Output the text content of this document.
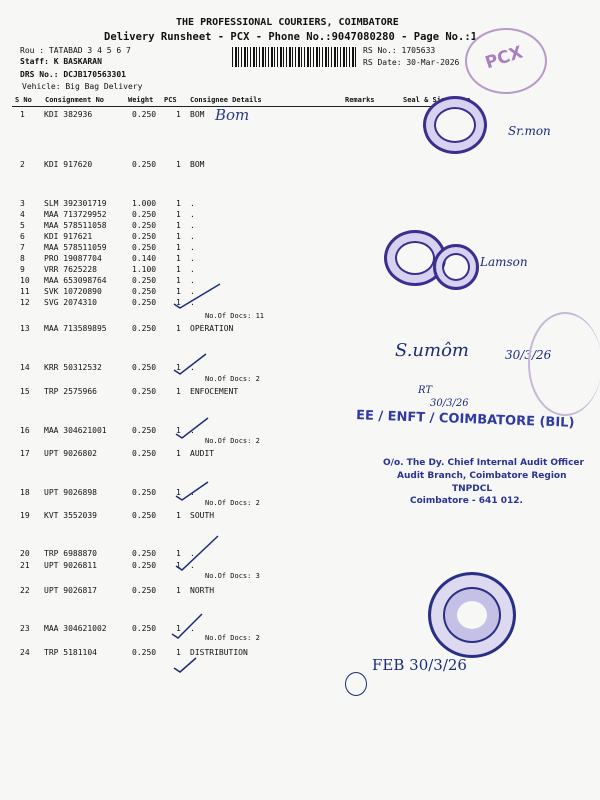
THE PROFESSIONAL COURIERS, COIMBATORE
Delivery Runsheet - PCX - Phone No.:9047080280 - Page No.:1
Rou : TATABAD 3 4 5 6 7
Staff: K BASKARAN
DRS No.: DCJB170563301
Vehicle: Big Bag Delivery
RS No.: 1705633
RS Date: 30-Mar-2026
S No Consignment No	Weight PCS Consignee Details	Remarks	Seal & Signature
1 KDI 382936	0.250 1 BOM
2 KDI 917620	0.250 1 BOM
3 SLM 392301719	1.000 1 .
4 MAA 713729952	0.250 1 .
5 MAA 578511058	0.250 1 .
6 KDI 917621	0.250 1 .
7 MAA 578511059	0.250 1 .
8 PRO 19087704	0.140 1 .
9 VRR 7625228	1.100 1 .
10 MAA 653098764	0.250 1 .
11 SVK 10720890	0.250 1 .
12 SVG 2074310	0.250 1 .
13 MAA 713589895	0.250 1 OPERATION
14 KRR 50312532	0.250 1 .
15 TRP 2575966	0.250 1 ENFOCEMENT
16 MAA 304621001	0.250 1 .
17 UPT 9026802	0.250 1 AUDIT
18 UPT 9026898	0.250 1 .
19 KVT 3552039	0.250 1 SOUTH
20 TRP 6988870	0.250 1 .
21 UPT 9026811	0.250 1 .
22 UPT 9026817	0.250 1 NORTH
23 MAA 304621002	0.250 1 .
24 TRP 5181104	0.250 1 DISTRIBUTION
No.Of Docs: 11
No.Of Docs: 2
No.Of Docs: 2
No.Of Docs: 2
No.Of Docs: 3
No.Of Docs: 2
Bom
Sr.mon
Lamson
S.umôm	30/3/26
RT
30/3/26
FEB 30/3/26
PCX
EE / ENFT / COIMBATORE (BIL)
O/o. The Dy. Chief Internal Audit Officer
Audit Branch, Coimbatore Region
TNPDCL
Coimbatore - 641 012.
